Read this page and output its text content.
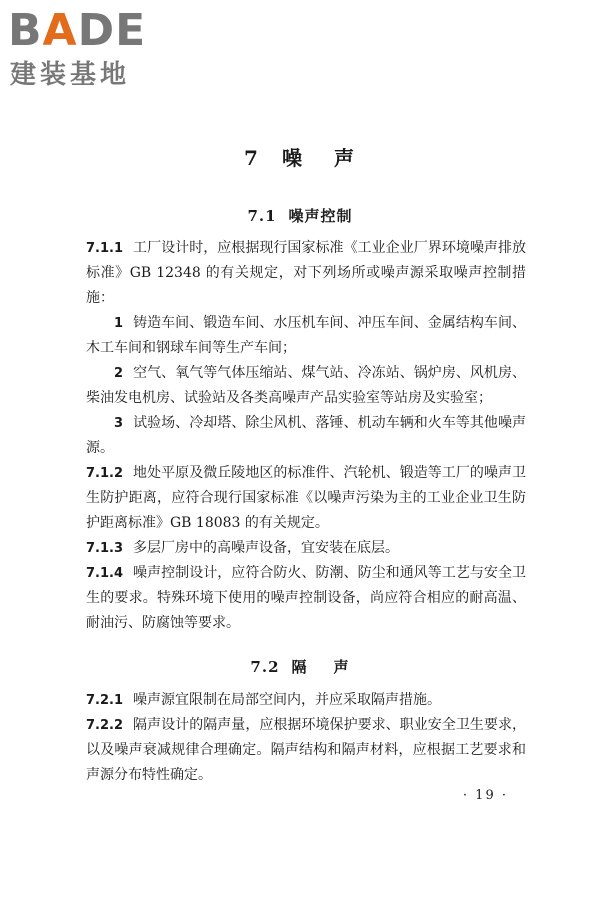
BADE
建装基地
7 噪 声
7.1 噪声控制
7.1.1 工厂设计时，应根据现行国家标准《工业企业厂界环境噪声排放标准》GB 12348 的有关规定，对下列场所或噪声源采取噪声控制措施：
1 铸造车间、锻造车间、水压机车间、冲压车间、金属结构车间、木工车间和钢球车间等生产车间；
2 空气、氧气等气体压缩站、煤气站、冷冻站、锅炉房、风机房、柴油发电机房、试验站及各类高噪声产品实验室等站房及实验室；
3 试验场、冷却塔、除尘风机、落锤、机动车辆和火车等其他噪声源。
7.1.2 地处平原及微丘陵地区的标准件、汽轮机、锻造等工厂的噪声卫生防护距离，应符合现行国家标准《以噪声污染为主的工业企业卫生防护距离标准》GB 18083 的有关规定。
7.1.3 多层厂房中的高噪声设备，宜安装在底层。
7.1.4 噪声控制设计，应符合防火、防潮、防尘和通风等工艺与安全卫生的要求。特殊环境下使用的噪声控制设备，尚应符合相应的耐高温、耐油污、防腐蚀等要求。
7.2 隔 声
7.2.1 噪声源宜限制在局部空间内，并应采取隔声措施。
7.2.2 隔声设计的隔声量，应根据环境保护要求、职业安全卫生要求，以及噪声衰减规律合理确定。隔声结构和隔声材料，应根据工艺要求和声源分布特性确定。
· 19 ·
